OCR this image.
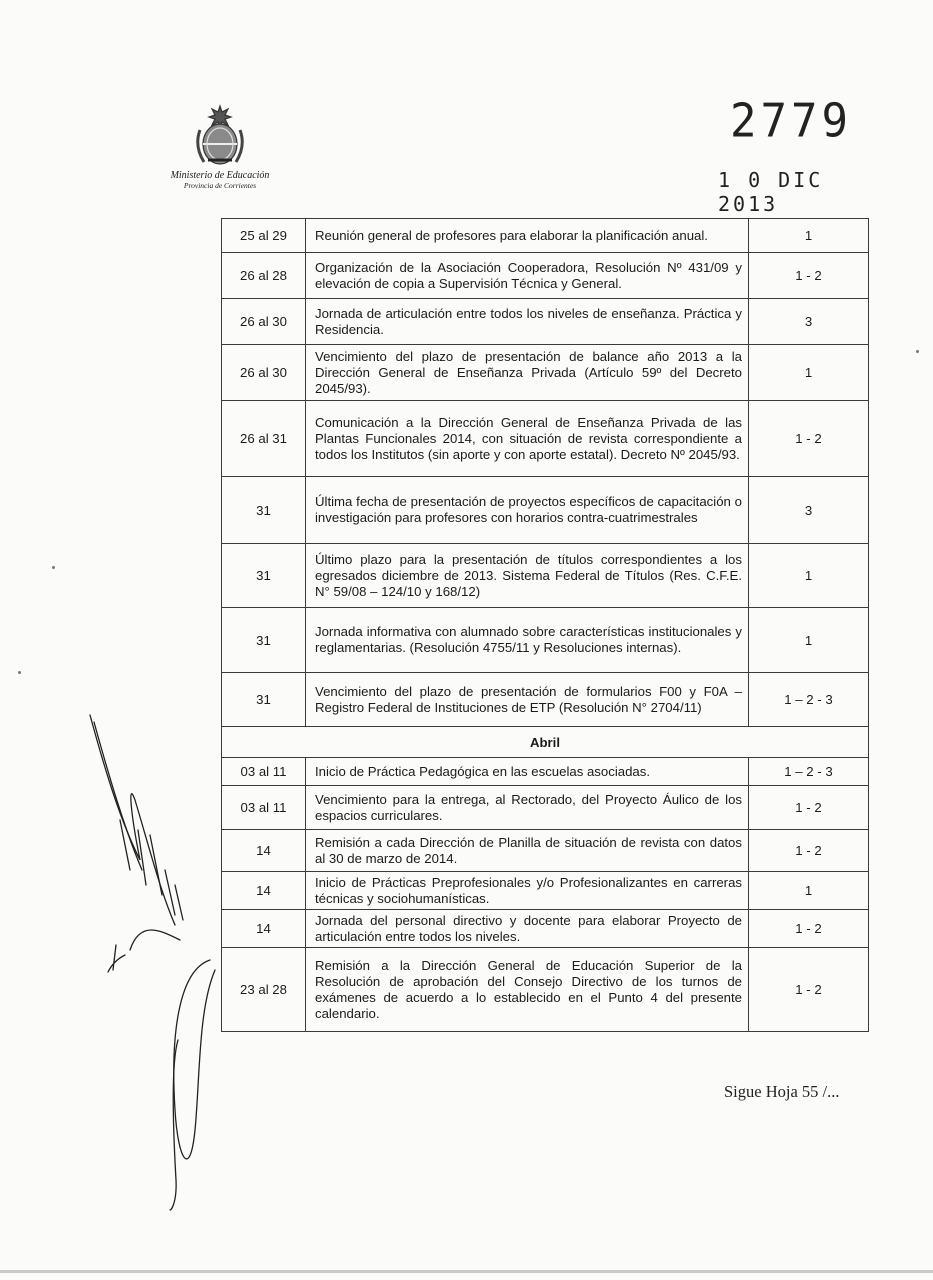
Ministerio de Educación
Provincia de Corrientes
2779
1 0 DIC 2013
25 al 29	Reunión general de profesores para elaborar la planificación anual.	1
26 al 28	Organización de la Asociación Cooperadora, Resolución Nº 431/09 y elevación de copia a Supervisión Técnica y General.	1 - 2
26 al 30	Jornada de articulación entre todos los niveles de enseñanza. Práctica y Residencia.	3
26 al 30	Vencimiento del plazo de presentación de balance año 2013 a la Dirección General de Enseñanza Privada (Artículo 59º del Decreto 2045/93).	1
26 al 31	Comunicación a la Dirección General de Enseñanza Privada de las Plantas Funcionales 2014, con situación de revista correspondiente a todos los Institutos (sin aporte y con aporte estatal). Decreto Nº 2045/93.	1 - 2
31	Última fecha de presentación de proyectos específicos de capacitación o investigación para profesores con horarios contra-cuatrimestrales	3
31	Último plazo para la presentación de títulos correspondientes a los egresados diciembre de 2013. Sistema Federal de Títulos (Res. C.F.E. N° 59/08 – 124/10 y 168/12)	1
31	Jornada informativa con alumnado sobre características institucionales y reglamentarias. (Resolución 4755/11 y Resoluciones internas).	1
31	Vencimiento del plazo de presentación de formularios F00 y F0A – Registro Federal de Instituciones de ETP (Resolución N° 2704/11)	1 – 2 - 3
Abril		
03 al 11	Inicio de Práctica Pedagógica en las escuelas asociadas.	1 – 2 - 3
03 al 11	Vencimiento para la entrega, al Rectorado, del Proyecto Áulico de los espacios curriculares.	1 - 2
14	Remisión a cada Dirección de Planilla de situación de revista con datos al 30 de marzo de 2014.	1 - 2
14	Inicio de Prácticas Preprofesionales y/o Profesionalizantes en carreras técnicas y sociohumanísticas.	1
14	Jornada del personal directivo y docente para elaborar Proyecto de articulación entre todos los niveles.	1 - 2
23 al 28	Remisión a la Dirección General de Educación Superior de la Resolución de aprobación del Consejo Directivo de los turnos de exámenes de acuerdo a lo establecido en el Punto 4 del presente calendario.	1 - 2
Sigue Hoja 55 /...
